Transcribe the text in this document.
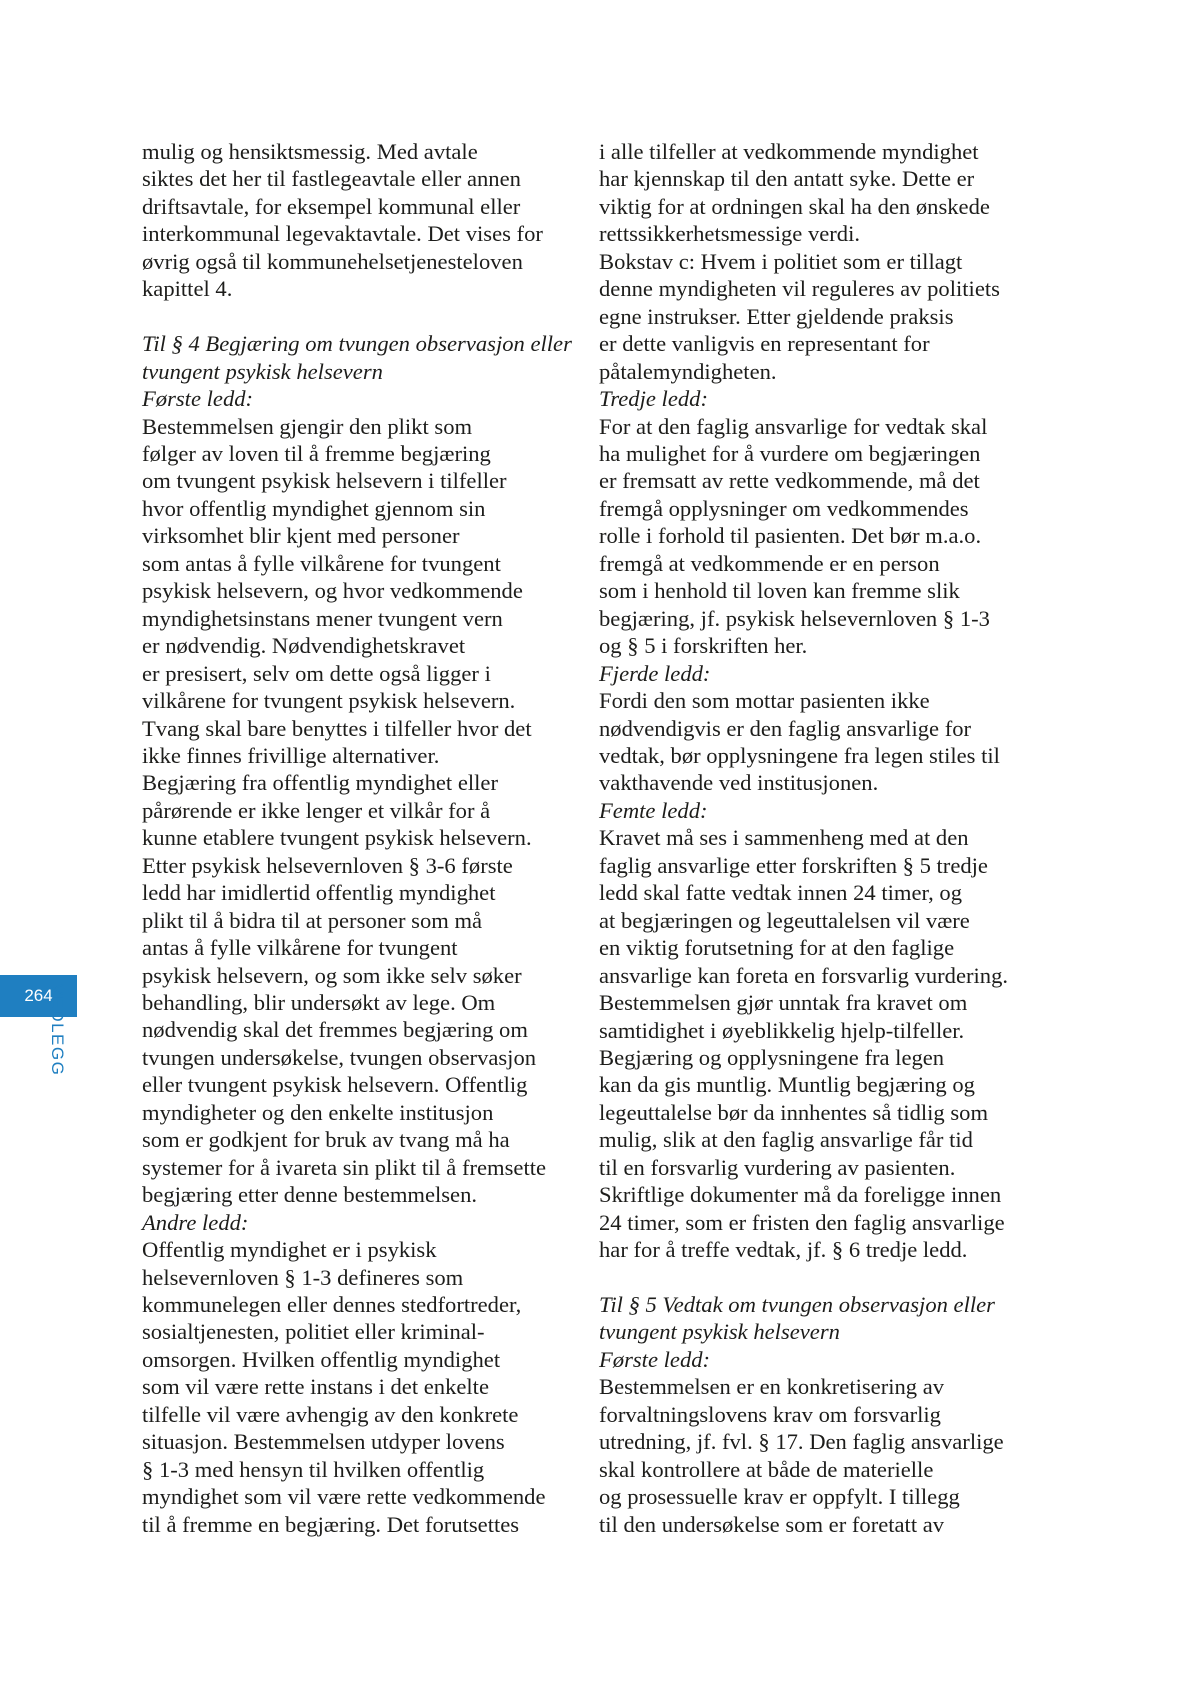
mulig og hensiktsmessig. Med avtale
siktes det her til fastlegeavtale eller annen
driftsavtale, for eksempel kommunal eller
interkommunal legevaktavtale. Det vises for
øvrig også til kommunehelsetjenesteloven
kapittel 4.
Til § 4 Begjæring om tvungen observasjon eller
tvungent psykisk helsevern
Første ledd:
Bestemmelsen gjengir den plikt som
følger av loven til å fremme begjæring
om tvungent psykisk helsevern i tilfeller
hvor offentlig myndighet gjennom sin
virksomhet blir kjent med personer
som antas å fylle vilkårene for tvungent
psykisk helsevern, og hvor vedkommende
myndighetsinstans mener tvungent vern
er nødvendig. Nødvendighetskravet
er presisert, selv om dette også ligger i
vilkårene for tvungent psykisk helsevern.
Tvang skal bare benyttes i tilfeller hvor det
ikke finnes frivillige alternativer.
Begjæring fra offentlig myndighet eller
pårørende er ikke lenger et vilkår for å
kunne etablere tvungent psykisk helsevern.
Etter psykisk helsevernloven § 3-6 første
ledd har imidlertid offentlig myndighet
plikt til å bidra til at personer som må
antas å fylle vilkårene for tvungent
psykisk helsevern, og som ikke selv søker
behandling, blir undersøkt av lege. Om
nødvendig skal det fremmes begjæring om
tvungen undersøkelse, tvungen observasjon
eller tvungent psykisk helsevern. Offentlig
myndigheter og den enkelte institusjon
som er godkjent for bruk av tvang må ha
systemer for å ivareta sin plikt til å fremsette
begjæring etter denne bestemmelsen.
Andre ledd:
Offentlig myndighet er i psykisk
helsevernloven § 1-3 defineres som
kommunelegen eller dennes stedfortreder,
sosialtjenesten, politiet eller kriminal-
omsorgen. Hvilken offentlig myndighet
som vil være rette instans i det enkelte
tilfelle vil være avhengig av den konkrete
situasjon. Bestemmelsen utdyper lovens
§ 1-3 med hensyn til hvilken offentlig
myndighet som vil være rette vedkommende
til å fremme en begjæring. Det forutsettes
i alle tilfeller at vedkommende myndighet
har kjennskap til den antatt syke. Dette er
viktig for at ordningen skal ha den ønskede
rettssikkerhetsmessige verdi.
Bokstav c: Hvem i politiet som er tillagt
denne myndigheten vil reguleres av politiets
egne instrukser. Etter gjeldende praksis
er dette vanligvis en representant for
påtalemyndigheten.
Tredje ledd:
For at den faglig ansvarlige for vedtak skal
ha mulighet for å vurdere om begjæringen
er fremsatt av rette vedkommende, må det
fremgå opplysninger om vedkommendes
rolle i forhold til pasienten. Det bør m.a.o.
fremgå at vedkommende er en person
som i henhold til loven kan fremme slik
begjæring, jf. psykisk helsevernloven § 1-3
og § 5 i forskriften her.
Fjerde ledd:
Fordi den som mottar pasienten ikke
nødvendigvis er den faglig ansvarlige for
vedtak, bør opplysningene fra legen stiles til
vakthavende ved institusjonen.
Femte ledd:
Kravet må ses i sammenheng med at den
faglig ansvarlige etter forskriften § 5 tredje
ledd skal fatte vedtak innen 24 timer, og
at begjæringen og legeuttalelsen vil være
en viktig forutsetning for at den faglige
ansvarlige kan foreta en forsvarlig vurdering.
Bestemmelsen gjør unntak fra kravet om
samtidighet i øyeblikkelig hjelp-tilfeller.
Begjæring og opplysningene fra legen
kan da gis muntlig. Muntlig begjæring og
legeuttalelse bør da innhentes så tidlig som
mulig, slik at den faglig ansvarlige får tid
til en forsvarlig vurdering av pasienten.
Skriftlige dokumenter må da foreligge innen
24 timer, som er fristen den faglig ansvarlige
har for å treffe vedtak, jf. § 6 tredje ledd.
Til § 5 Vedtak om tvungen observasjon eller
tvungent psykisk helsevern
Første ledd:
Bestemmelsen er en konkretisering av
forvaltningslovens krav om forsvarlig
utredning, jf. fvl. § 17. Den faglig ansvarlige
skal kontrollere at både de materielle
og prosessuelle krav er oppfylt. I tillegg
til den undersøkelse som er foretatt av
264
VEDLEGG
